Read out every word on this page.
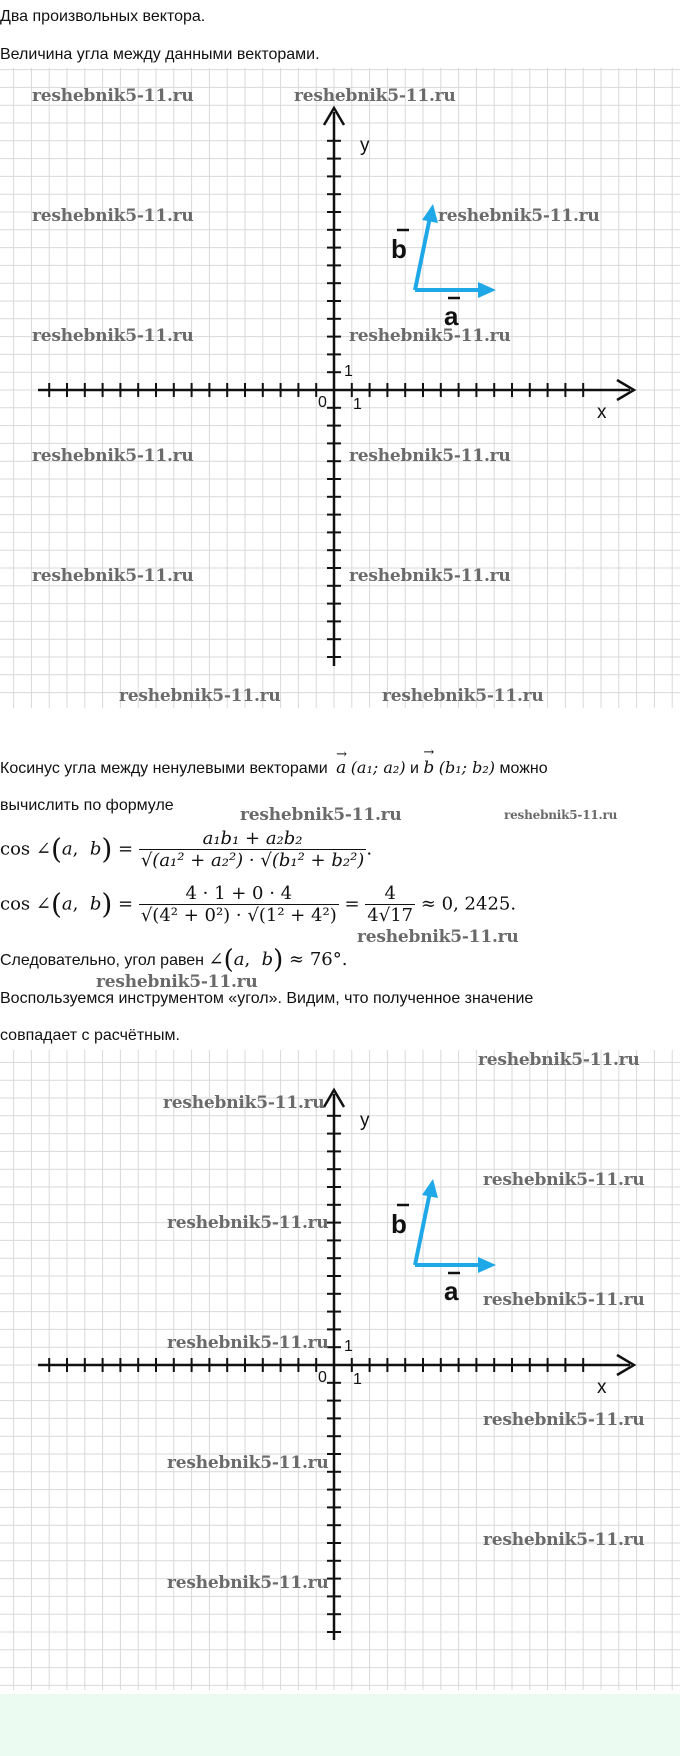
Два произвольных вектора.
Величина угла между данными векторами.
y
x
0 1
1
a
b
reshebnik5-11.ru	reshebnik5-11.ru
reshebnik5-11.ru	reshebnik5-11.ru
reshebnik5-11.ru	reshebnik5-11.ru
reshebnik5-11.ru	reshebnik5-11.ru
reshebnik5-11.ru	reshebnik5-11.ru
reshebnik5-11.ru	reshebnik5-11.ru
Косинус угла между ненулевыми векторами
→
a (a₁; a₂) и
→
b (b₁; b₂) можно
вычислить по формуле	reshebnik5-11.ru	reshebnik5-11.ru
cos ∠(a,  $b) = \frac{\text{a₁b₁ + a₂b₂}}{\text{√(a₁² + a₂²) · √(b₁² + b₂²)}}$ .
cos ∠(a,  $b) = \frac{4 \cdot 1 + 0 \cdot 4}{\text{√(4² + 0²) · √(1² + 4²)}} = \frac{4}{4√17} \approx 0$, 2425.
reshebnik5-11.ru
Следовательно, угол равен ∠(a,  b) ≈ 76°.
reshebnik5-11.ru
Воспользуемся инструментом «угол». Видим, что полученное значение
совпадает с расчётным.
y
x
0 1
1
a
b
reshebnik5-11.ru
reshebnik5-11.ru
reshebnik5-11.ru
reshebnik5-11.ru
reshebnik5-11.ru
reshebnik5-11.ru
reshebnik5-11.ru
reshebnik5-11.ru
reshebnik5-11.ru
reshebnik5-11.ru
